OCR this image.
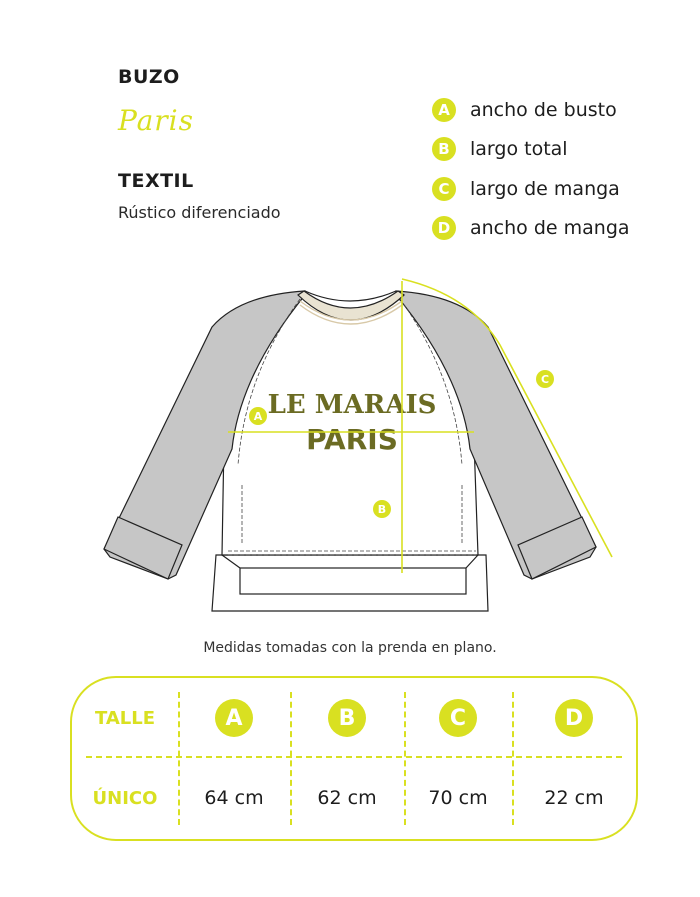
BUZO
Paris
TEXTIL
Rústico diferenciado
A	ancho de busto
B	largo total
C	largo de manga
D	ancho de manga
LE MARAIS
PARIS
A
B
C
Medidas tomadas con la prenda en plano.
TALLE	A	B	C	D
ÚNICO 64 cm	62 cm	70 cm	22 cm
